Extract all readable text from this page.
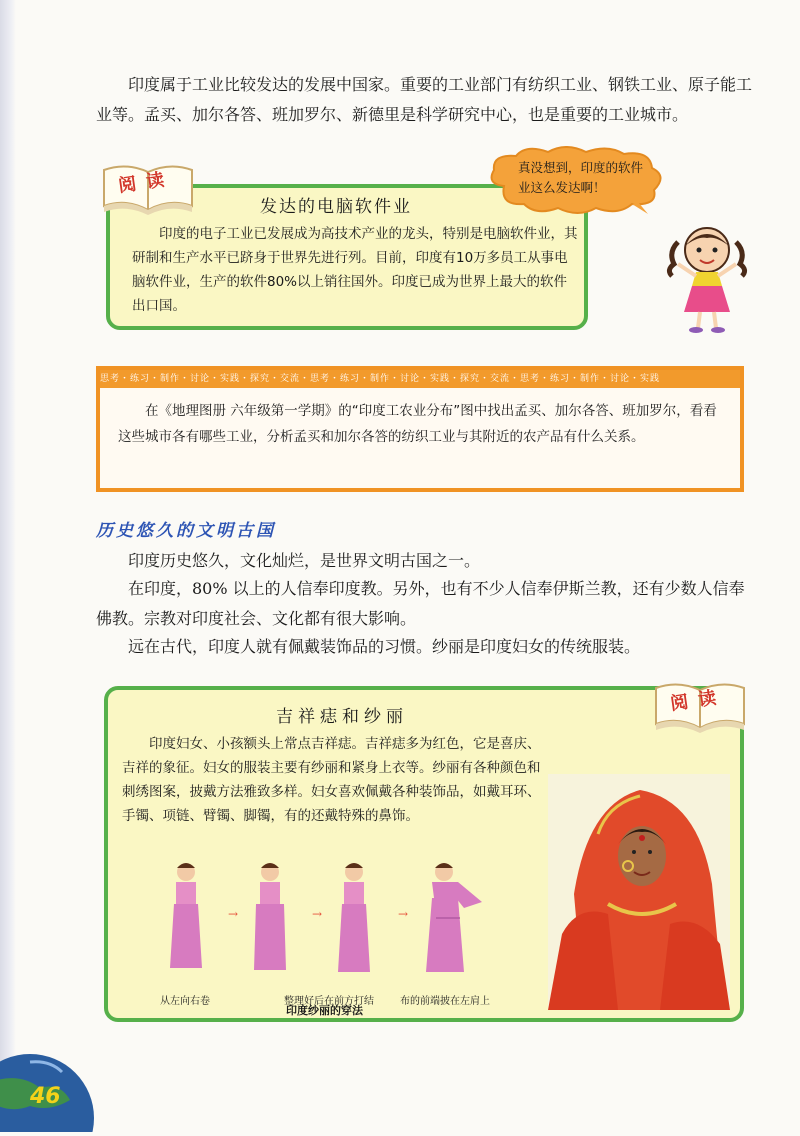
印度属于工业比较发达的发展中国家。重要的工业部门有纺织工业、钢铁工业、原子能工业等。孟买、加尔各答、班加罗尔、新德里是科学研究中心，也是重要的工业城市。

发达的电脑软件业

印度的电子工业已发展成为高技术产业的龙头，特别是电脑软件业，其研制和生产水平已跻身于世界先进行列。目前，印度有10万多员工从事电脑软件业，生产的软件80%以上销往国外。印度已成为世界上最大的软件出口国。

阅读
真没想到，印度的软件业这么发达啊！
思考・练习・制作・讨论・实践・探究・交流・思考・练习・制作・讨论・实践・探究・交流・思考・练习・制作・讨论・实践

在《地理图册 六年级第一学期》的“印度工农业分布”图中找出孟买、加尔各答、班加罗尔，看看这些城市各有哪些工业，分析孟买和加尔各答的纺织工业与其附近的农产品有什么关系。

历史悠久的文明古国

印度历史悠久，文化灿烂，是世界文明古国之一。

在印度，80% 以上的人信奉印度教。另外，也有不少人信奉伊斯兰教，还有少数人信奉佛教。宗教对印度社会、文化都有很大影响。

远在古代，印度人就有佩戴装饰品的习惯。纱丽是印度妇女的传统服装。

吉祥痣和纱丽

印度妇女、小孩额头上常点吉祥痣。吉祥痣多为红色，它是喜庆、吉祥的象征。妇女的服装主要有纱丽和紧身上衣等。纱丽有各种颜色和刺绣图案，披戴方法雅致多样。妇女喜欢佩戴各种装饰品，如戴耳环、手镯、项链、臂镯、脚镯，有的还戴特殊的鼻饰。

→	→	→
从左向右卷	整理好后在前方打结	布的前端披在左肩上
印度纱丽的穿法
阅读
46
